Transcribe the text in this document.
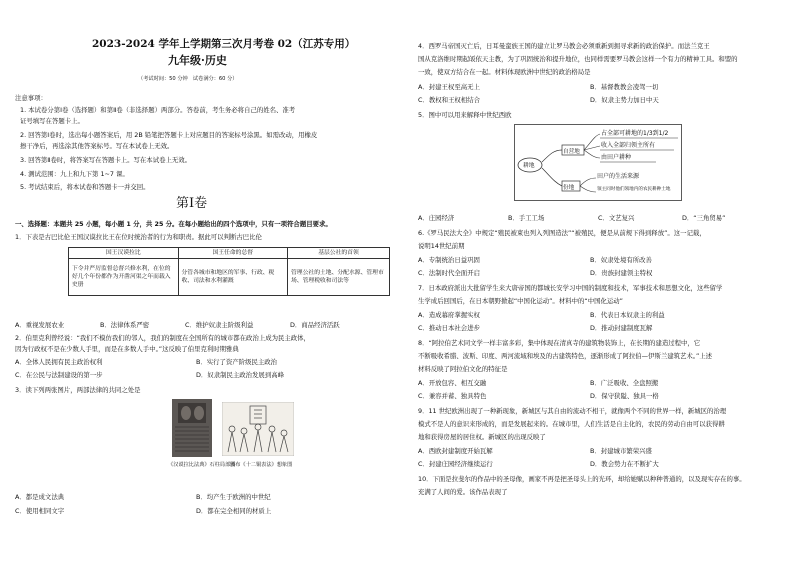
2023-2024 学年上学期第三次月考卷 02（江苏专用）
九年级·历史
（考试时间：50 分钟　试卷满分：60 分）
注意事项：
1. 本试卷分第Ⅰ卷（选择题）和第Ⅱ卷（非选择题）两部分。答卷前，考生务必将自己的姓名、准考
证号填写在答题卡上。
2. 回答第Ⅰ卷时，选出每小题答案后，用 2B 铅笔把答题卡上对应题目的答案标号涂黑。如需改动，用橡皮
擦干净后，再选涂其他答案标号。写在本试卷上无效。
3. 回答第Ⅱ卷时，将答案写在答题卡上。写在本试卷上无效。
4. 测试范围：九上和九下第 1~7 课。
5. 考试结束后，将本试卷和答题卡一并交回。
第Ⅰ卷
一、选择题：本题共 25 小题，每小题 1 分，共 25 分。在每小题给出的四个选项中，只有一项符合题目要求。
1．下表是古巴比伦王国汉谟拉比王在位时统治者的行为和职责。据此可以判断古巴比伦
国王汉谟拉比	国王任命的总督	基层公社的首领
下令并严厉监督总督兴修水利，在位的好几个年份都作为开凿河渠之年而载入史册	分管各城市和地区的军事、行政、税收、司法和水利灌溉	管理公社的土地、分配水源、管理市场、管理税收和司法等
A．重视发展农业	B．法律体系严密	C．维护奴隶主阶级利益	D．商品经济活跃
2．伯里克利曾经说：“我们不模仿我们的邻人，我们的制度在全国所有的城市都在政治上成为民主政体，
因为行政权不是在少数人手里，而是在多数人手中。”这反映了伯里克利时期雅典
A．全体人民拥有民主政治权利	B．实行了资产阶级民主政治
C．在公民与法制建设的第一步	D．奴隶制民主政治发展到高峰
3．读下列两张图片，两部法律的共同之处是
《汉谟拉比法典》石柱局部图
颁布《十二铜表法》想象图
A．都是成文法典	B．均产生于欧洲的中世纪
C．使用相同文字	D．都在完全相同的材质上
4．西罗马帝国灭亡后，日耳曼蛮族王国的建立让罗马教会必须重新到拥寻求新的政治保护。而法兰克王
国从克洛维时期起皈依天主教，为了巩固统治和提升地位，也同样需要罗马教会这样一个有力的精神工具。和盟的
一致，使双方结合在一起。材料体现欧洲中世纪的政治格局是
A．封建王权至高无上	B．基督教教会凌驾一切
C．教权和王权相结合	D．奴隶主势力加日中天
5．图中可以用来解释中世纪西欧
耕地
自营地
份地
占全部可耕地的1/3到1/2
收入全部归领主所有
由田户耕种
田户的生活来源
领主同时他们领地内的农民耕种土地
A．庄园经济	B．手工工场	C．文艺复兴	D．“三角贸易”
6.《罗马民法大全》中规定“殖民被束也列入列图造法”“被殖民，便是从前规下得到释放”。这一记载，
说明14世纪前期
A．专制统治日益巩固	B．奴隶处境有所改善
C．法制时代全面开启	D．贵族封建领主特权
7．日本政府派出大批留学生来大唐帝国的都城长安学习中国的制度和技术，军事技术和思想文化，这些留学
生学成后回国后，在日本朝野掀起“中国化运动”。材料中的“中国化运动”
A．造成幕府掌握实权	B．代表日本奴隶主的利益
C．推动日本社会进步	D．推动封建制度瓦解
8．“阿拉伯艺术同文学一样丰富多彩，集中体现在清真寺的建筑物装饰上，在长期的建造过程中，它
不断吸收希腊、波斯、印度、两河流域和埃及的古建筑特色，逐渐形成了阿拉伯—伊斯兰建筑艺术。”上述
材料反映了阿拉伯文化的特征是
A．开放包容、相互交融	B．广泛吸收、全盘照搬
C．兼容并蓄、独具特色	D．保守狭隘、独具一格
9．11 世纪欧洲出现了一种新现象，新城区与其自由的流动不相干，就像两个不同的世界一样，新城区的治理
模式不是人的意识来形成的，而是发展起来的。在城市里，人们生活是自主化的，农民的劳动自由可以获得耕
地和获得房屋的居住权。新城区的出现反映了
A．西欧封建制度开始瓦解	B．封建城市繁荣兴盛
C．封建庄园经济继续运行	D．教会势力在不断扩大
10．下面是拉斐尔的作品中的圣母像，画家不再是把圣母头上的光环，却给她赋以种种普通的，以及现实存在的事。
充满了人间的爱。该作品表现了
